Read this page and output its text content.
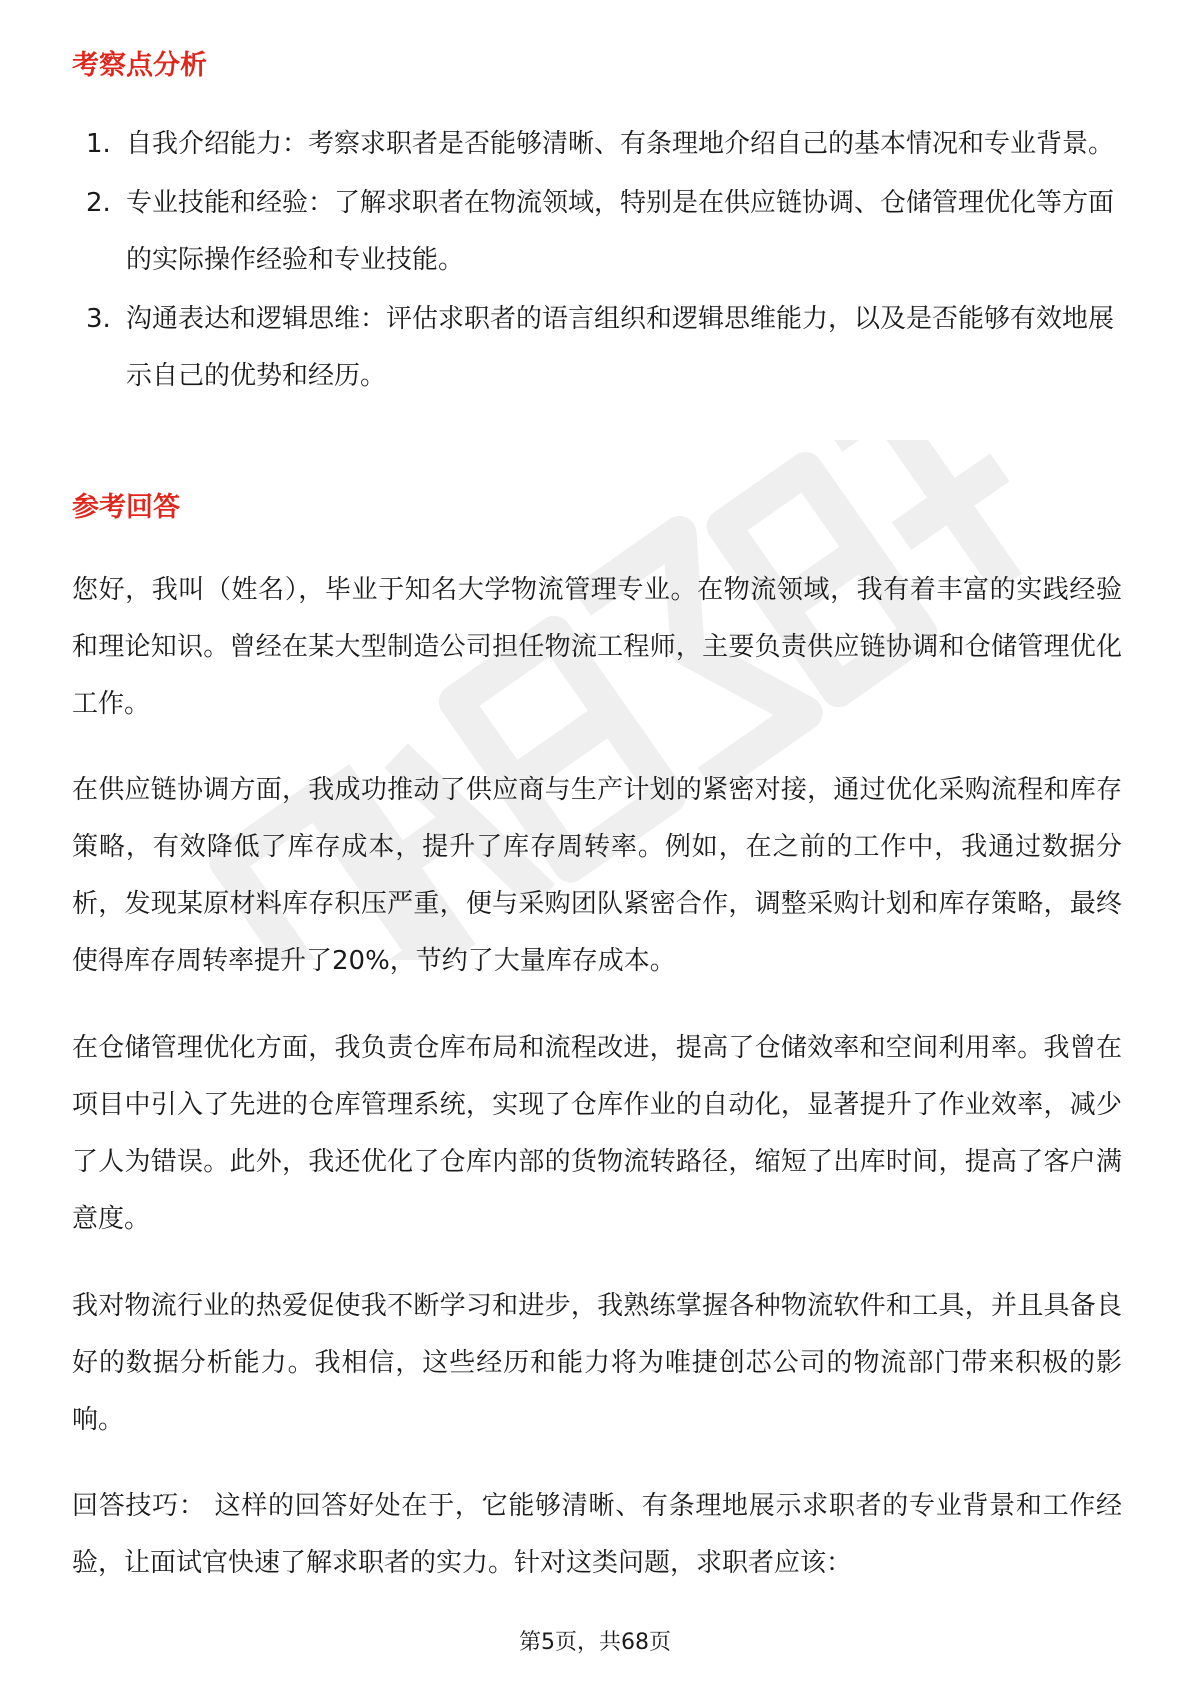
考察点分析
1. 自我介绍能力：考察求职者是否能够清晰、有条理地介绍自己的基本情况和专业背景。
2. 专业技能和经验：了解求职者在物流领域，特别是在供应链协调、仓储管理优化等方面的实际操作经验和专业技能。
3. 沟通表达和逻辑思维：评估求职者的语言组织和逻辑思维能力，以及是否能够有效地展示自己的优势和经历。
参考回答

您好，我叫（姓名），毕业于知名大学物流管理专业。在物流领域，我有着丰富的实践经验和理论知识。曾经在某大型制造公司担任物流工程师，主要负责供应链协调和仓储管理优化工作。

在供应链协调方面，我成功推动了供应商与生产计划的紧密对接，通过优化采购流程和库存策略，有效降低了库存成本，提升了库存周转率。例如，在之前的工作中，我通过数据分析，发现某原材料库存积压严重，便与采购团队紧密合作，调整采购计划和库存策略，最终使得库存周转率提升了20%，节约了大量库存成本。

在仓储管理优化方面，我负责仓库布局和流程改进，提高了仓储效率和空间利用率。我曾在项目中引入了先进的仓库管理系统，实现了仓库作业的自动化，显著提升了作业效率，减少了人为错误。此外，我还优化了仓库内部的货物流转路径，缩短了出库时间，提高了客户满意度。

我对物流行业的热爱促使我不断学习和进步，我熟练掌握各种物流软件和工具，并且具备良好的数据分析能力。我相信，这些经历和能力将为唯捷创芯公司的物流部门带来积极的影响。

回答技巧： 这样的回答好处在于，它能够清晰、有条理地展示求职者的专业背景和工作经验，让面试官快速了解求职者的实力。针对这类问题，求职者应该：

第5页，共68页
